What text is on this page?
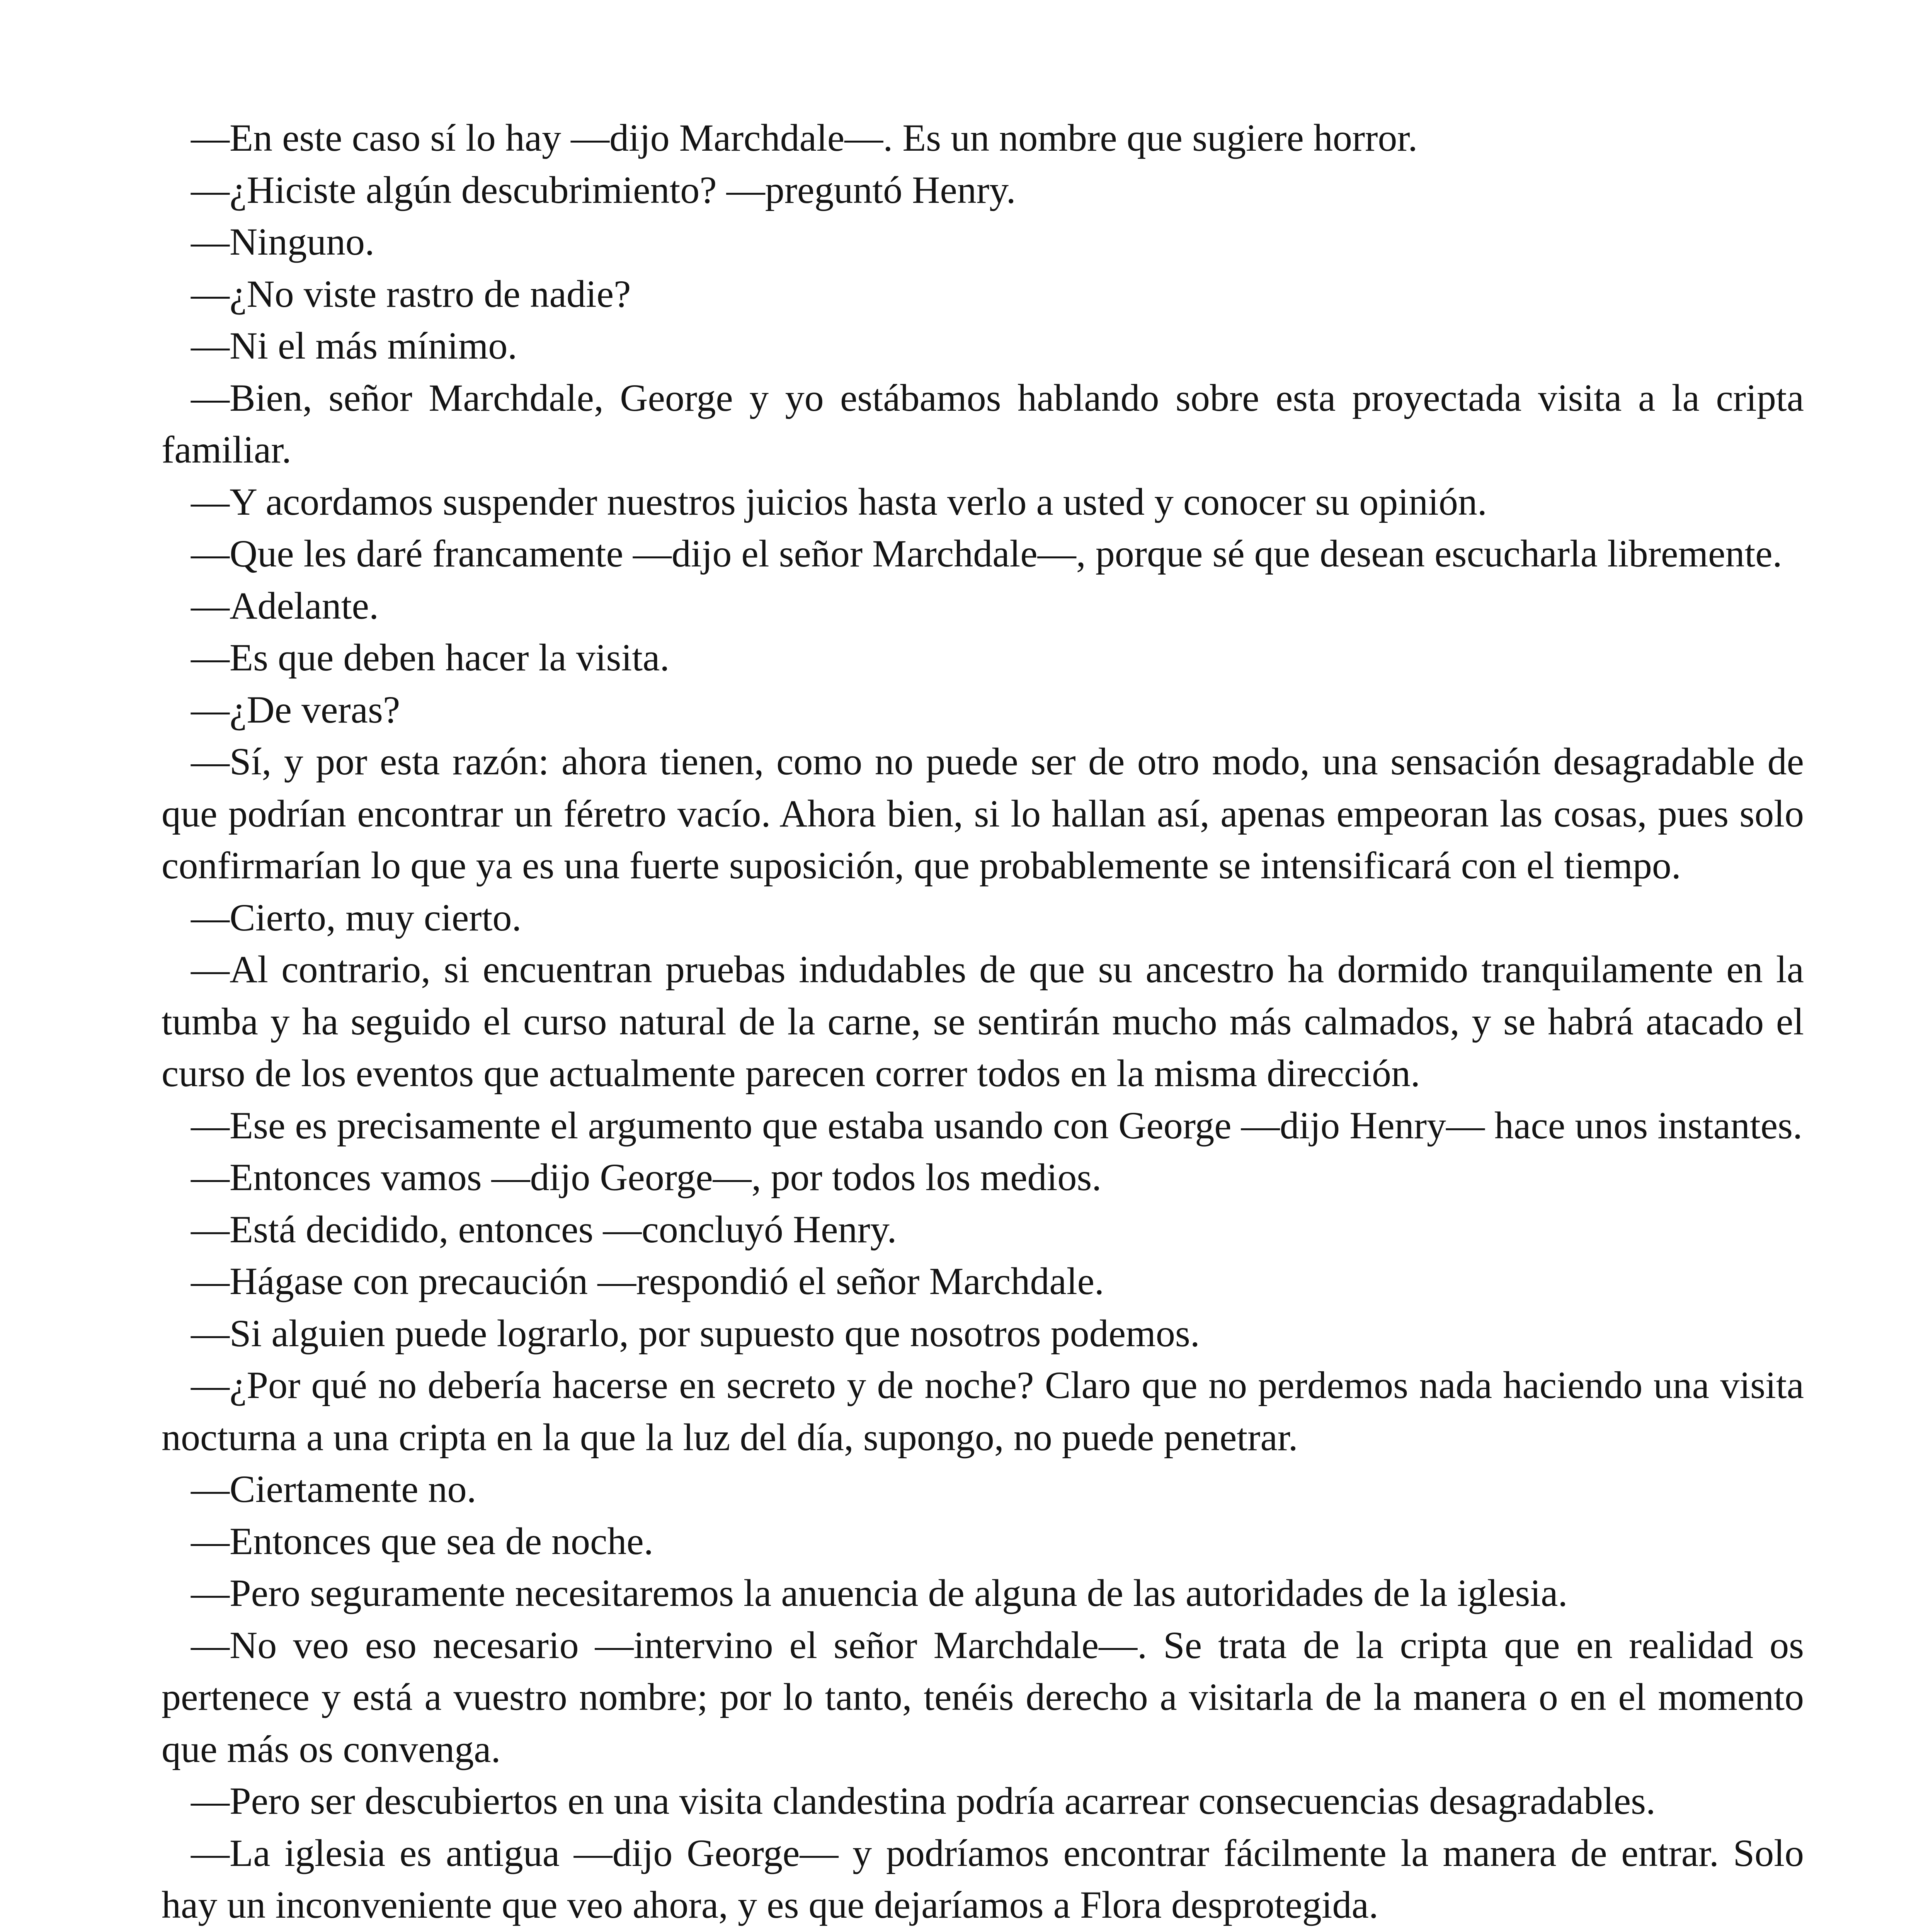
—En este caso sí lo hay —dijo Marchdale—. Es un nombre que sugiere horror.

—¿Hiciste algún descubrimiento? —preguntó Henry.

—Ninguno.

—¿No viste rastro de nadie?

—Ni el más mínimo.

—Bien, señor Marchdale, George y yo estábamos hablando sobre esta proyectada visita a la cripta familiar.

—Y acordamos suspender nuestros juicios hasta verlo a usted y conocer su opinión.

—Que les daré francamente —dijo el señor Marchdale—, porque sé que desean escucharla libremente.

—Adelante.

—Es que deben hacer la visita.

—¿De veras?

—Sí, y por esta razón: ahora tienen, como no puede ser de otro modo, una sensación desagradable de que podrían encontrar un féretro vacío. Ahora bien, si lo hallan así, apenas empeoran las cosas, pues solo confirmarían lo que ya es una fuerte suposición, que probablemente se intensificará con el tiempo.

—Cierto, muy cierto.

—Al contrario, si encuentran pruebas indudables de que su ancestro ha dormido tranquilamente en la tumba y ha seguido el curso natural de la carne, se sentirán mucho más calmados, y se habrá atacado el curso de los eventos que actualmente parecen correr todos en la misma dirección.

—Ese es precisamente el argumento que estaba usando con George —dijo Henry— hace unos instantes.

—Entonces vamos —dijo George—, por todos los medios.

—Está decidido, entonces —concluyó Henry.

—Hágase con precaución —respondió el señor Marchdale.

—Si alguien puede lograrlo, por supuesto que nosotros podemos.

—¿Por qué no debería hacerse en secreto y de noche? Claro que no perdemos nada haciendo una visita nocturna a una cripta en la que la luz del día, supongo, no puede penetrar.

—Ciertamente no.

—Entonces que sea de noche.

—Pero seguramente necesitaremos la anuencia de alguna de las autoridades de la iglesia.

—No veo eso necesario —intervino el señor Marchdale—. Se trata de la cripta que en realidad os pertenece y está a vuestro nombre; por lo tanto, tenéis derecho a visitarla de la manera o en el momento que más os convenga.

—Pero ser descubiertos en una visita clandestina podría acarrear consecuencias desagradables.

—La iglesia es antigua —dijo George— y podríamos encontrar fácilmente la manera de entrar. Solo hay un inconveniente que veo ahora, y es que dejaríamos a Flora desprotegida.
